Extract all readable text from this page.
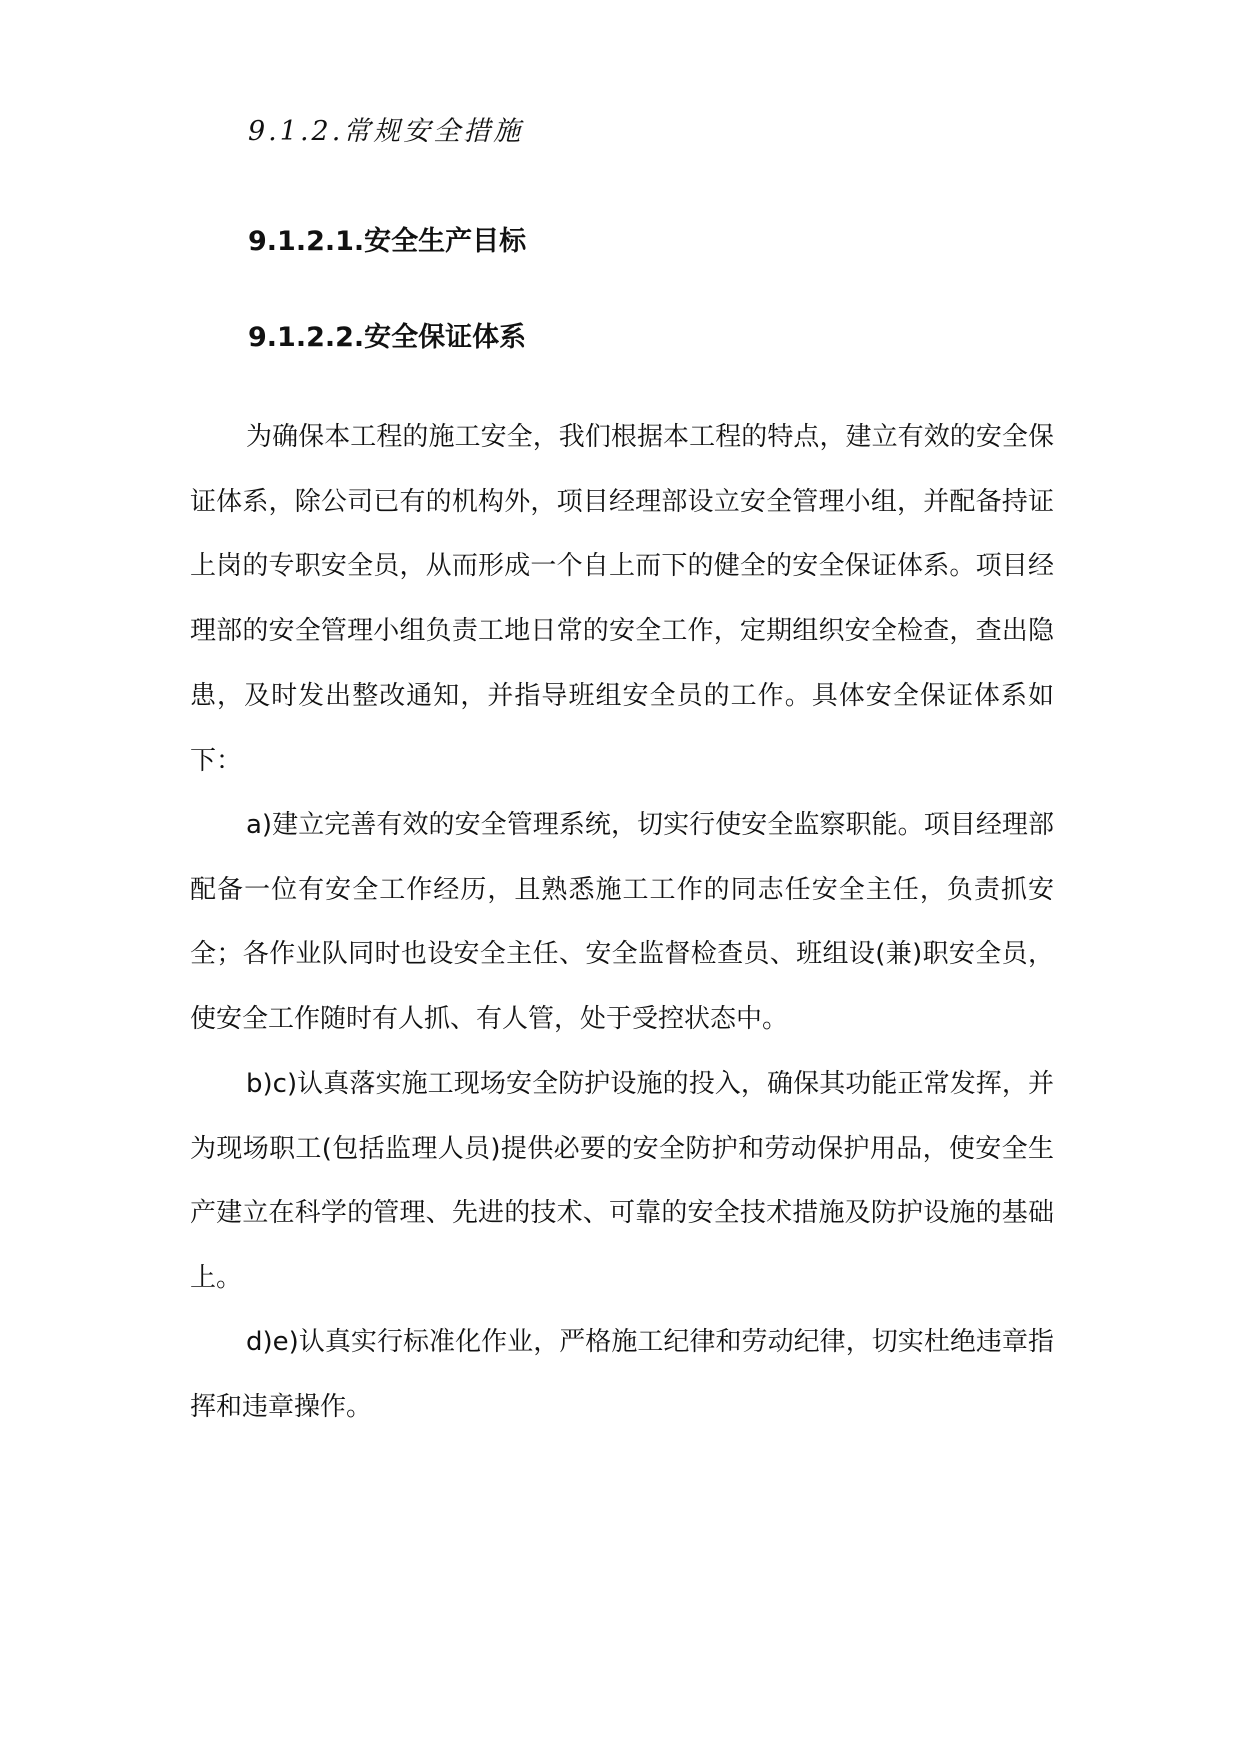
9.1.2.常规安全措施
9.1.2.1.安全生产目标
9.1.2.2.安全保证体系

为确保本工程的施工安全，我们根据本工程的特点，建立有效的安全保证体系，除公司已有的机构外，项目经理部设立安全管理小组，并配备持证上岗的专职安全员，从而形成一个自上而下的健全的安全保证体系。项目经理部的安全管理小组负责工地日常的安全工作，定期组织安全检查，查出隐患，及时发出整改通知，并指导班组安全员的工作。具体安全保证体系如下：

a)建立完善有效的安全管理系统，切实行使安全监察职能。项目经理部配备一位有安全工作经历，且熟悉施工工作的同志任安全主任，负责抓安全；各作业队同时也设安全主任、安全监督检查员、班组设(兼)职安全员，使安全工作随时有人抓、有人管，处于受控状态中。

b)c)认真落实施工现场安全防护设施的投入，确保其功能正常发挥，并为现场职工(包括监理人员)提供必要的安全防护和劳动保护用品，使安全生产建立在科学的管理、先进的技术、可靠的安全技术措施及防护设施的基础上。

d)e)认真实行标准化作业，严格施工纪律和劳动纪律，切实杜绝违章指挥和违章操作。
